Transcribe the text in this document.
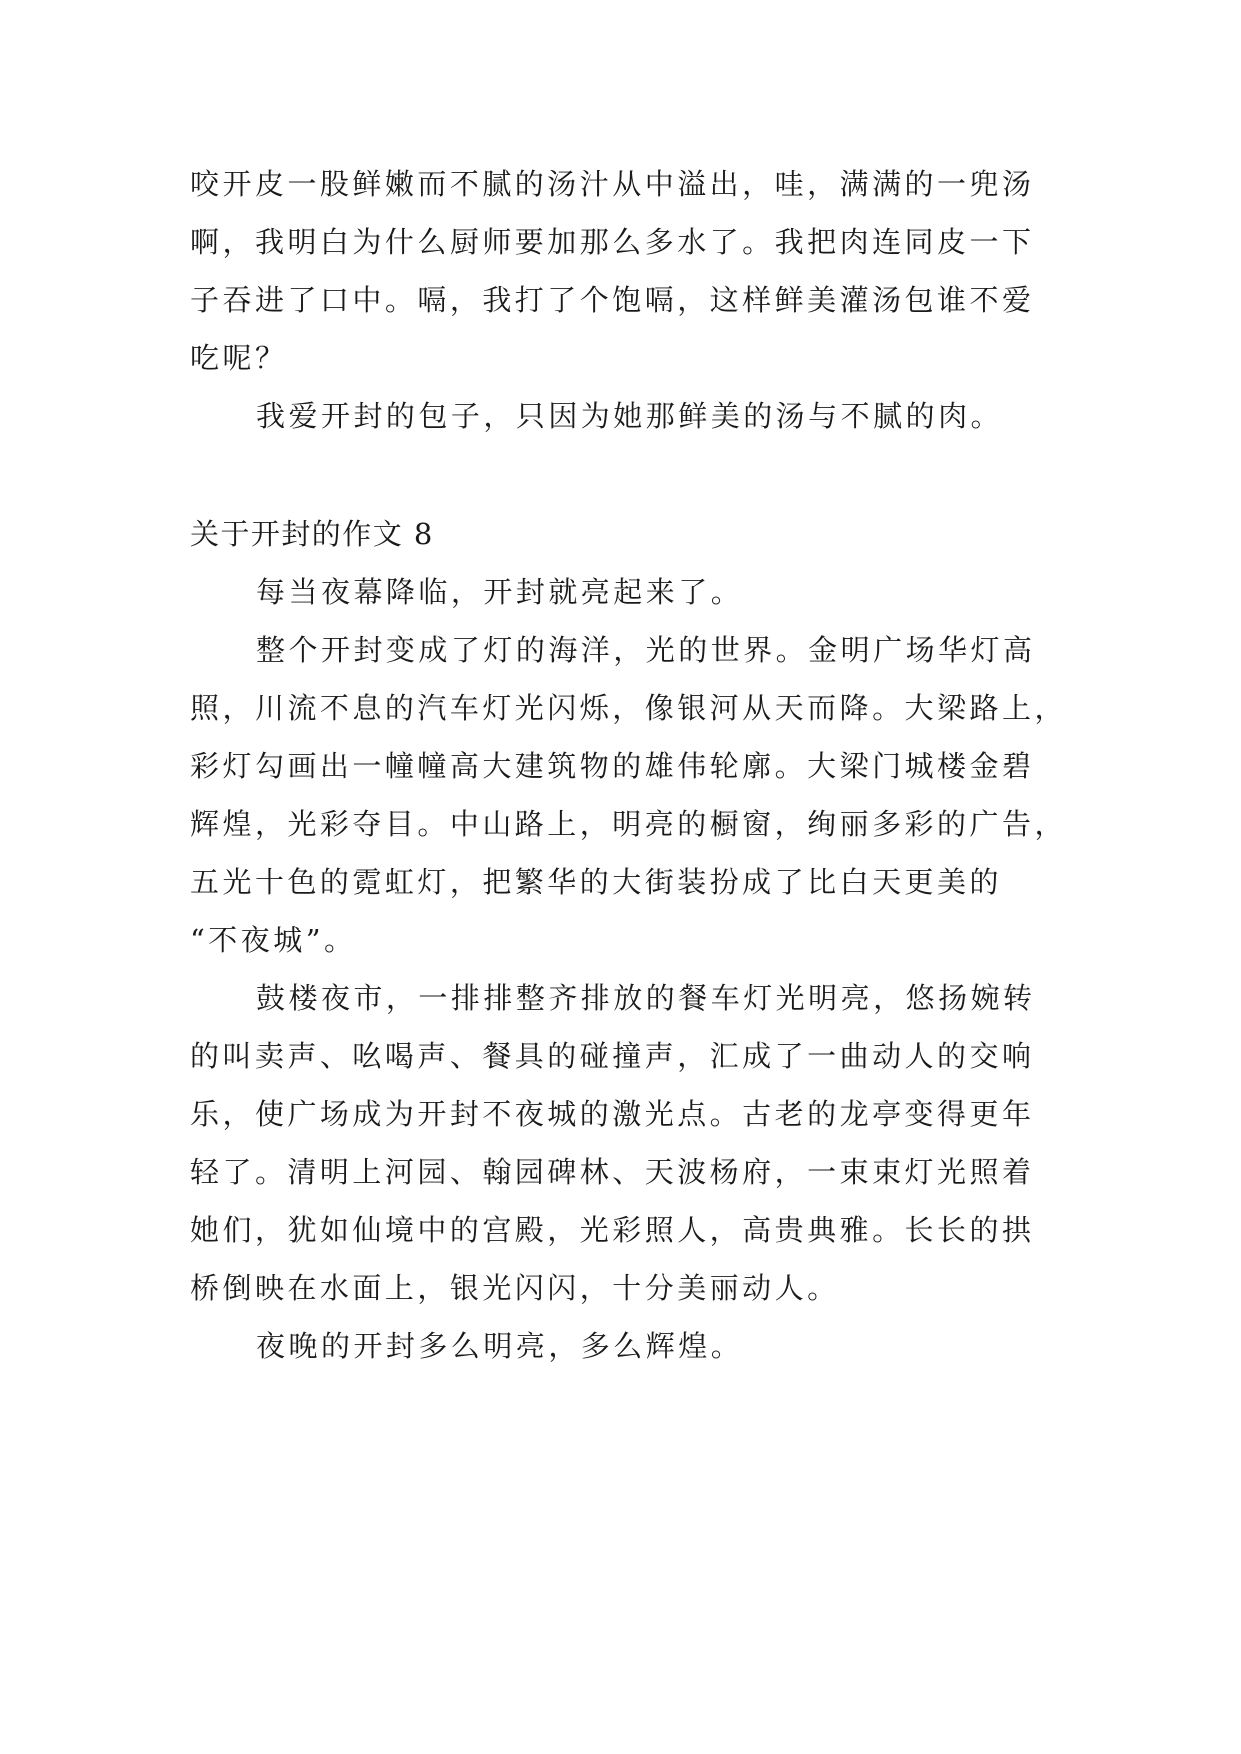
咬开皮一股鲜嫩而不腻的汤汁从中溢出，哇，满满的一兜汤
啊，我明白为什么厨师要加那么多水了。我把肉连同皮一下
子吞进了口中。嗝，我打了个饱嗝，这样鲜美灌汤包谁不爱
吃呢？
我爱开封的包子，只因为她那鲜美的汤与不腻的肉。
关于开封的作文 8
每当夜幕降临，开封就亮起来了。
整个开封变成了灯的海洋，光的世界。金明广场华灯高
照，川流不息的汽车灯光闪烁，像银河从天而降。大梁路上，
彩灯勾画出一幢幢高大建筑物的雄伟轮廓。大梁门城楼金碧
辉煌，光彩夺目。中山路上，明亮的橱窗，绚丽多彩的广告，
五光十色的霓虹灯，把繁华的大街装扮成了比白天更美的
“不夜城”。
鼓楼夜市，一排排整齐排放的餐车灯光明亮，悠扬婉转
的叫卖声、吆喝声、餐具的碰撞声，汇成了一曲动人的交响
乐，使广场成为开封不夜城的激光点。古老的龙亭变得更年
轻了。清明上河园、翰园碑林、天波杨府，一束束灯光照着
她们，犹如仙境中的宫殿，光彩照人，高贵典雅。长长的拱
桥倒映在水面上，银光闪闪，十分美丽动人。
夜晚的开封多么明亮，多么辉煌。
